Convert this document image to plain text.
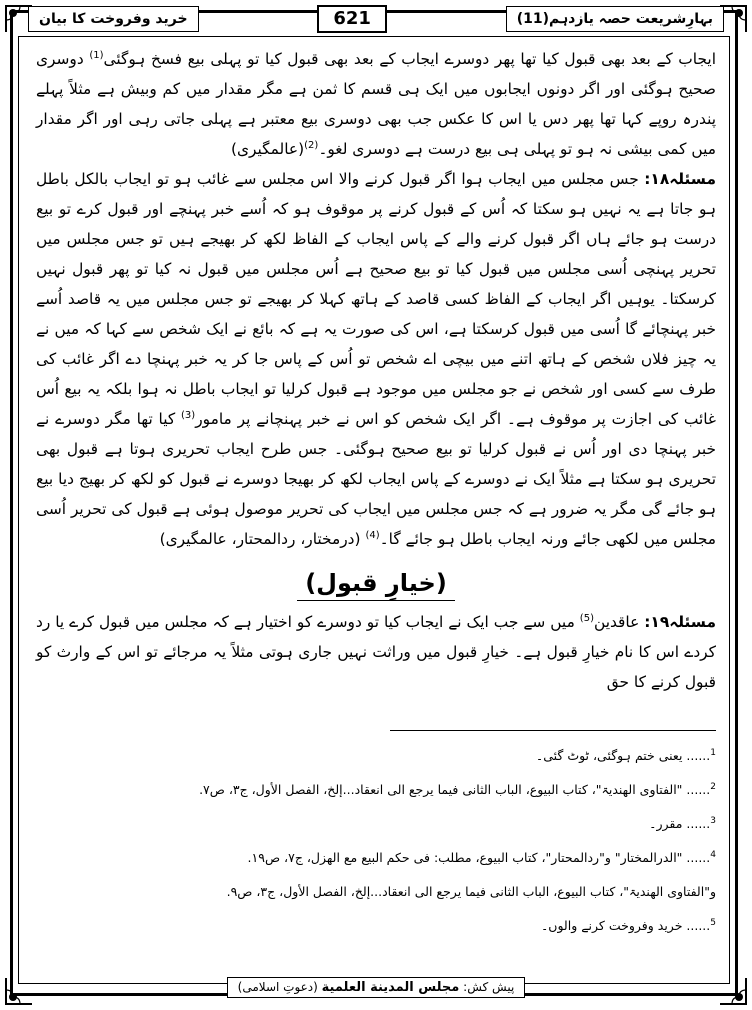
بہارِشریعت حصہ یازدہم(11)
621
خرید وفروخت کا بیان

ایجاب کے بعد بھی قبول کیا تھا پھر دوسرے ایجاب کے بعد بھی قبول کیا تو پہلی بیع فسخ ہوگئی$^{(1)}$ دوسری صحیح ہوگئی اور اگر دونوں ایجابوں میں ایک ہی قسم کا ثمن ہے مگر مقدار میں کم وبیش ہے مثلاً پہلے پندرہ روپے کہا تھا پھر دس یا اس کا عکس جب بھی دوسری بیع معتبر ہے پہلی جاتی رہی اور اگر مقدار میں کمی بیشی نہ ہو تو پہلی ہی بیع درست ہے دوسری لغو۔$^{(2)}$(عالمگیری)

مسئلہ۱۸: جس مجلس میں ایجاب ہوا اگر قبول کرنے والا اس مجلس سے غائب ہو تو ایجاب بالکل باطل ہو جاتا ہے یہ نہیں ہو سکتا کہ اُس کے قبول کرنے پر موقوف ہو کہ اُسے خبر پہنچے اور قبول کرے تو بیع درست ہو جائے ہاں اگر قبول کرنے والے کے پاس ایجاب کے الفاظ لکھ کر بھیجے ہیں تو جس مجلس میں تحریر پہنچی اُسی مجلس میں قبول کیا تو بیع صحیح ہے اُس مجلس میں قبول نہ کیا تو پھر قبول نہیں کرسکتا۔ یوہیں اگر ایجاب کے الفاظ کسی قاصد کے ہاتھ کہلا کر بھیجے تو جس مجلس میں یہ قاصد اُسے خبر پہنچائے گا اُسی میں قبول کرسکتا ہے، اس کی صورت یہ ہے کہ بائع نے ایک شخص سے کہا کہ میں نے یہ چیز فلاں شخص کے ہاتھ اتنے میں بیچی اے شخص تو اُس کے پاس جا کر یہ خبر پہنچا دے اگر غائب کی طرف سے کسی اور شخص نے جو مجلس میں موجود ہے قبول کرلیا تو ایجاب باطل نہ ہوا بلکہ یہ بیع اُس غائب کی اجازت پر موقوف ہے۔ اگر ایک شخص کو اس نے خبر پہنچانے پر مامور$^{(3)}$ کیا تھا مگر دوسرے نے خبر پہنچا دی اور اُس نے قبول کرلیا تو بیع صحیح ہوگئی۔ جس طرح ایجاب تحریری ہوتا ہے قبول بھی تحریری ہو سکتا ہے مثلاً ایک نے دوسرے کے پاس ایجاب لکھ کر بھیجا دوسرے نے قبول کو لکھ کر بھیج دیا بیع ہو جائے گی مگر یہ ضرور ہے کہ جس مجلس میں ایجاب کی تحریر موصول ہوئی ہے قبول کی تحریر اُسی مجلس میں لکھی جائے ورنہ ایجاب باطل ہو جائے گا۔$^{(4)}$ (درمختار، ردالمحتار، عالمگیری)

(خیارِ قبول)

مسئلہ۱۹: عاقدین$^{(5)}$ میں سے جب ایک نے ایجاب کیا تو دوسرے کو اختیار ہے کہ مجلس میں قبول کرے یا رد کردے اس کا نام خیارِ قبول ہے۔ خیارِ قبول میں وراثت نہیں جاری ہوتی مثلاً یہ مرجائے تو اس کے وارث کو قبول کرنے کا حق

$^1$...... یعنی ختم ہوگئی، ٹوٹ گئی۔
$^2$...... "الفتاوی الھندیۃ"، کتاب البیوع، الباب الثانی فیما یرجع الی انعقاد...إلخ، الفصل الأول، ج۳، ص۷.
$^3$...... مقرر۔
$^4$...... "الدرالمختار" و"ردالمحتار"، کتاب البیوع، مطلب: فی حکم البیع مع الھزل، ج۷، ص۱۹.
و"الفتاوی الھندیۃ"، کتاب البیوع، الباب الثانی فیما یرجع الی انعقاد...إلخ، الفصل الأول، ج۳، ص۹.
$^5$...... خرید وفروخت کرنے والوں۔
پیش کش: مجلس المدينة العلمية (دعوتِ اسلامی)
